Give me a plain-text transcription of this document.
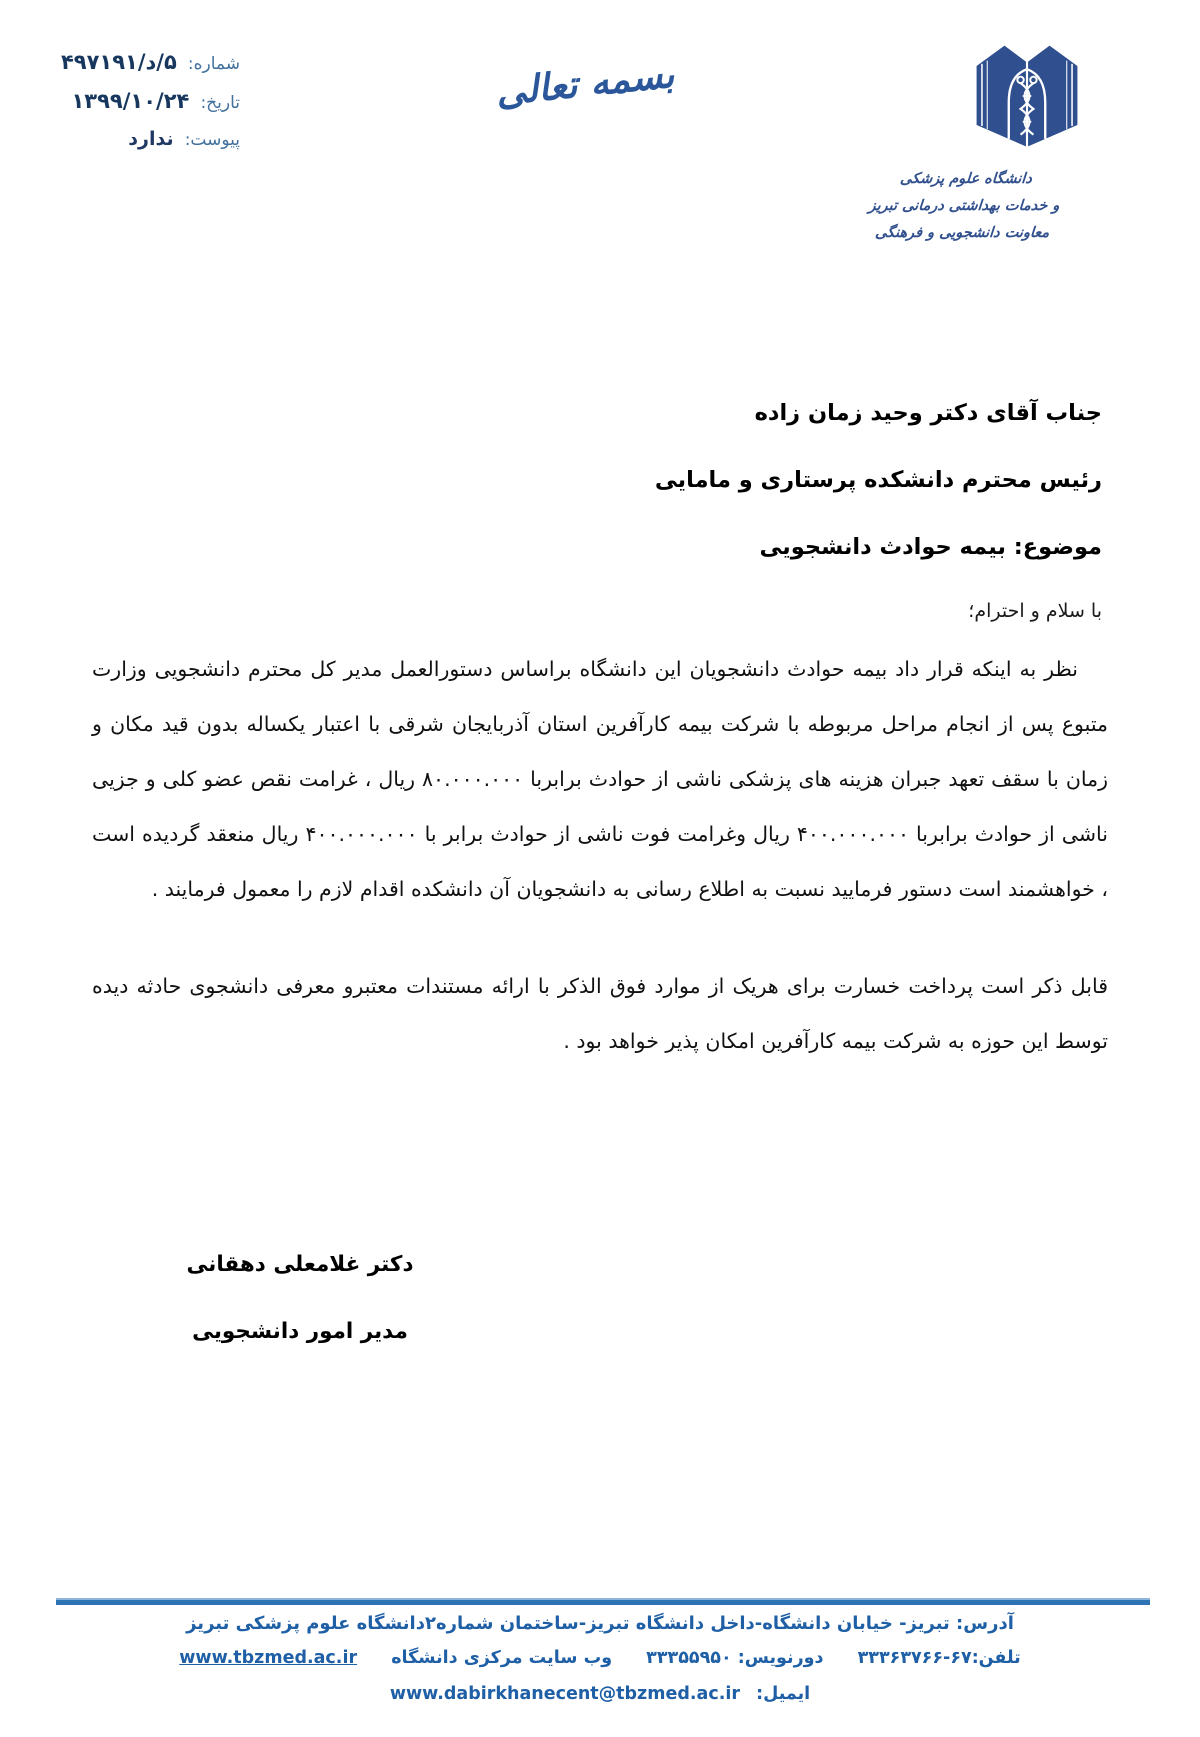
شماره: ۵/د/۴۹۷۱۹۱
تاریخ: ۱۳۹۹/۱۰/۲۴
پیوست: ندارد
بسمه تعالی
دانشگاه علوم پزشکی
و خدمات بهداشتی درمانی تبریز
معاونت دانشجویی و فرهنگی
جناب آقای دکتر وحید زمان زاده
رئیس محترم دانشکده پرستاری و مامایی
موضوع: بیمه حوادث دانشجویی
با سلام و احترام؛

نظر به اینکه قرار داد بیمه حوادث دانشجویان این دانشگاه براساس دستورالعمل مدیر کل محترم دانشجویی وزارت متبوع پس از انجام مراحل مربوطه با شرکت بیمه کارآفرین استان آذربایجان شرقی با اعتبار یکساله بدون قید مکان و زمان با سقف تعهد جبران هزینه های پزشکی ناشی از حوادث برابربا ۸۰.۰۰۰.۰۰۰ ریال ، غرامت نقص عضو کلی و جزیی ناشی از حوادث برابربا ۴۰۰.۰۰۰.۰۰۰ ریال وغرامت فوت ناشی از حوادث برابر با ۴۰۰.۰۰۰.۰۰۰ ریال منعقد گردیده است ، خواهشمند است دستور فرمایید نسبت به اطلاع رسانی به دانشجویان آن دانشکده اقدام لازم را معمول فرمایند .

قابل ذکر است پرداخت خسارت برای هریک از موارد فوق الذکر با ارائه مستندات معتبرو معرفی دانشجوی حادثه دیده توسط این حوزه به شرکت بیمه کارآفرین امکان پذیر خواهد بود .

دکتر غلامعلی دهقانی
مدیر امور دانشجویی
آدرس: تبریز- خیابان دانشگاه-داخل دانشگاه تبریز-ساختمان شماره۲دانشگاه علوم پزشکی تبریز
تلفن:۶۷-۳۳۳۶۳۷۶۶ دورنویس: ۳۳۳۵۵۹۵۰ وب سایت مرکزی دانشگاه www.tbzmed.ac.ir
ایمیل: www.dabirkhanecent@tbzmed.ac.ir
